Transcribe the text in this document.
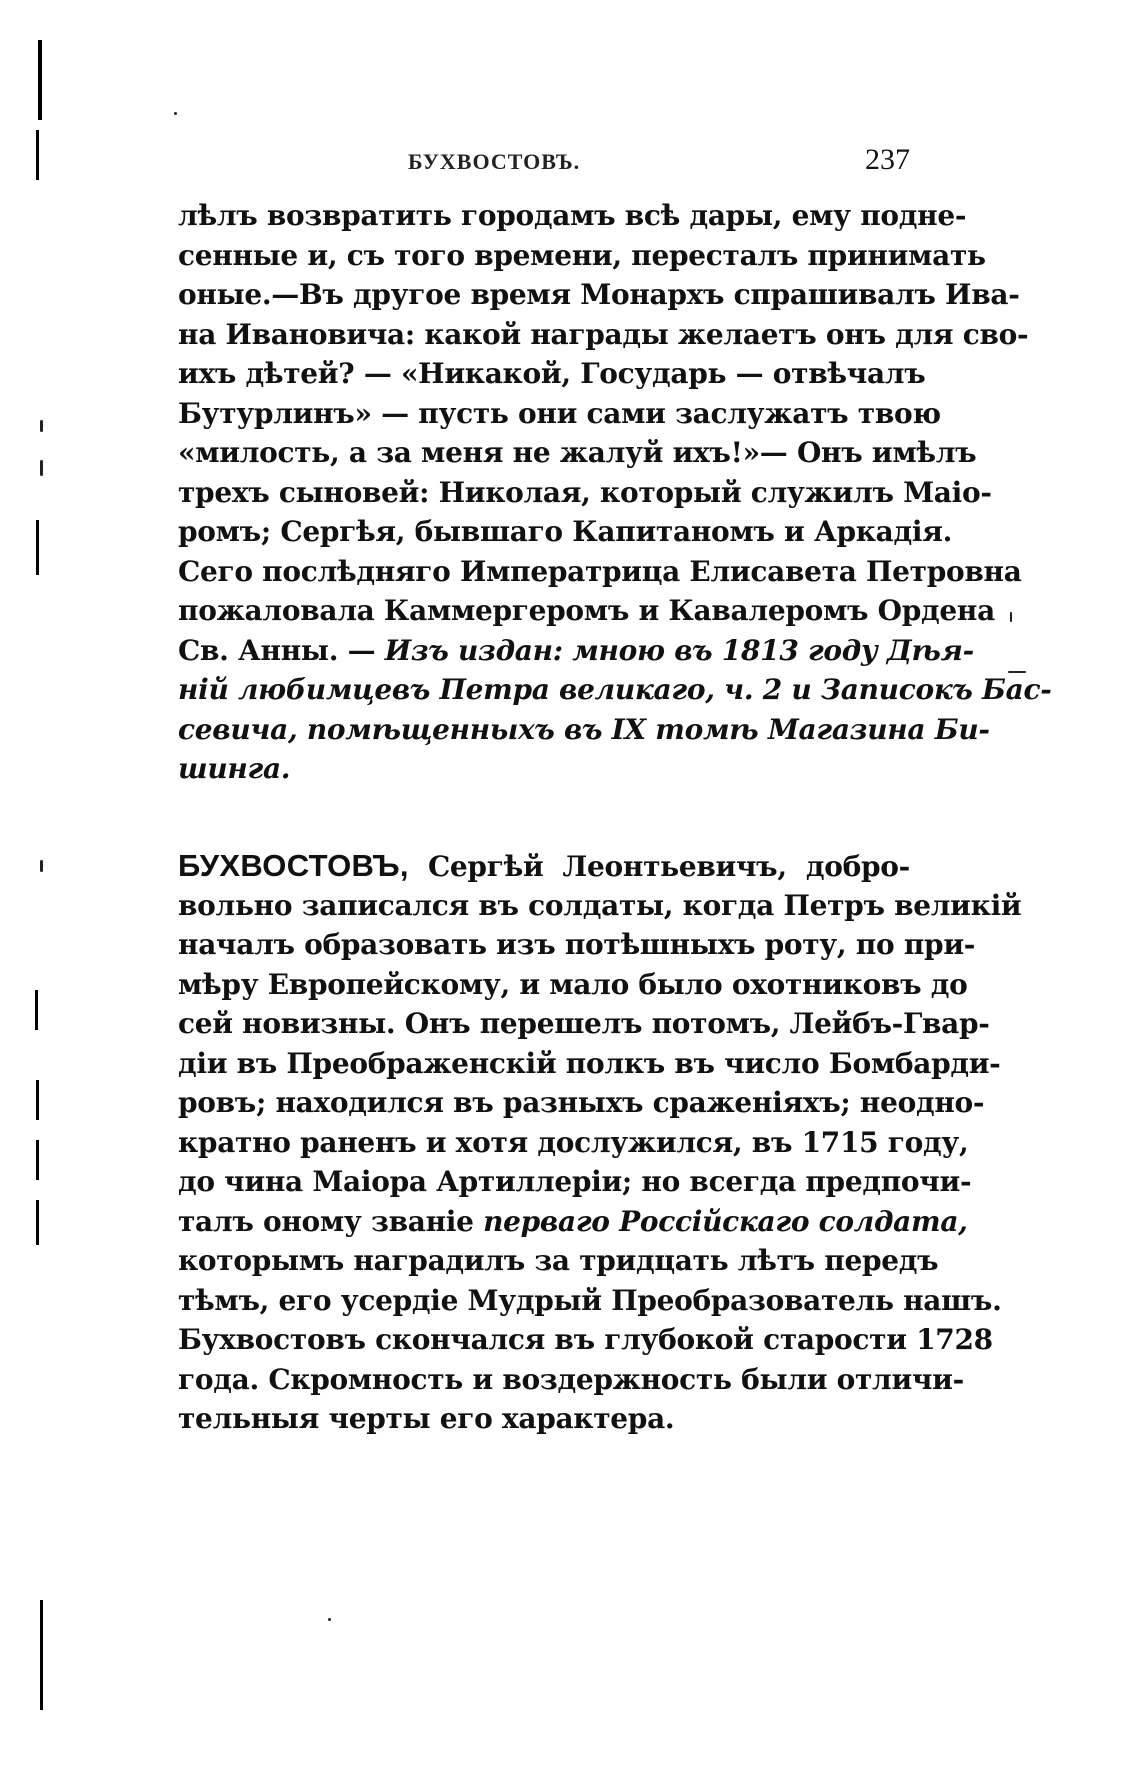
БУХВОСТОВЪ.	237
лѣлъ возвратить городамъ всѣ дары, ему подне-
сенные и, съ того времени, пересталъ принимать
оные.—Въ другое время Монархъ спрашивалъ Ива-
на Ивановича: какой награды желаетъ онъ для сво-
ихъ дѣтей? — «Никакой, Государь — отвѣчалъ
Бутурлинъ» — пусть они сами заслужатъ твою
«милость, а за меня не жалуй ихъ!»— Онъ имѣлъ
трехъ сыновей: Николая, который служилъ Маіо-
ромъ; Сергѣя, бывшаго Капитаномъ и Аркадія.
Сего послѣдняго Императрица Елисавета Петровна
пожаловала Каммергеромъ и Кавалеромъ Ордена
Св. Анны. — Изъ издан: мною въ 1813 году Дѣя-
ній любимцевъ Петра великаго, ч. 2 и Записокъ Бас-
севича, помѣщенныхъ въ IX томѣ Магазина Би-
шинга.
БУХВОСТОВЪ, Сергѣй Леонтьевичъ, добро-
вольно записался въ солдаты, когда Петръ великій
началъ образовать изъ потѣшныхъ роту, по при-
мѣру Европейскому, и мало было охотниковъ до
сей новизны. Онъ перешелъ потомъ, Лейбъ-Гвар-
діи въ Преображенскій полкъ въ число Бомбарди-
ровъ; находился въ разныхъ сраженіяхъ; неодно-
кратно раненъ и хотя дослужился, въ 1715 году,
до чина Маіора Артиллеріи; но всегда предпочи-
талъ оному званіе перваго Россійскаго солдата,
которымъ наградилъ за тридцать лѣтъ передъ
тѣмъ, его усердіе Мудрый Преобразователь нашъ.
Бухвостовъ скончался въ глубокой старости 1728
года. Скромность и воздержность были отличи-
тельныя черты его характера.
